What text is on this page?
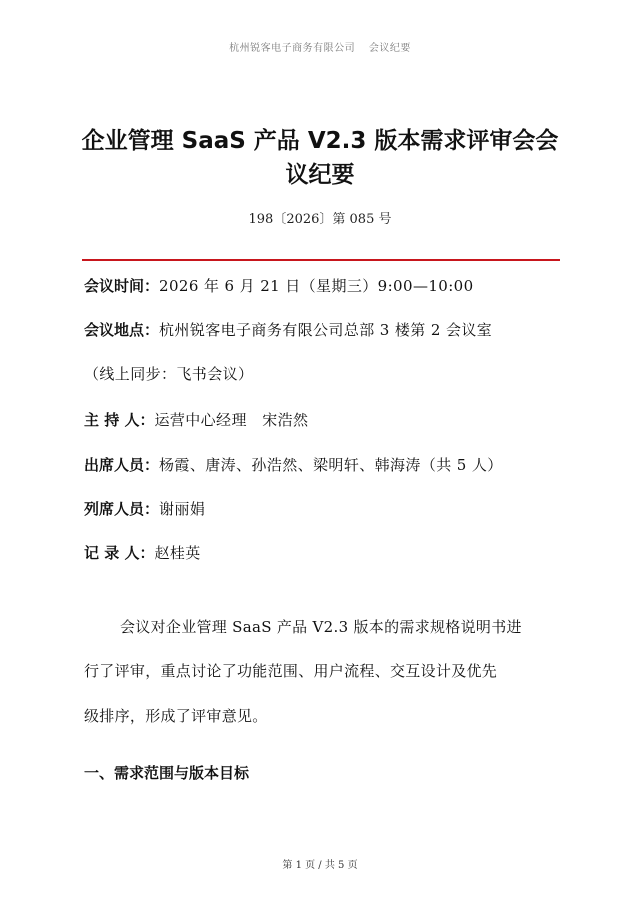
杭州锐客电子商务有限公司 会议纪要
企业管理 SaaS 产品 V2.3 版本需求评审会会
议纪要
198〔2026〕第 085 号
会议时间：2026 年 6 月 21 日（星期三）9:00—10:00
会议地点：杭州锐客电子商务有限公司总部 3 楼第 2 会议室
（线上同步：飞书会议）
主 持 人：运营中心经理　宋浩然
出席人员：杨霞、唐涛、孙浩然、梁明轩、韩海涛（共 5 人）
列席人员：谢丽娟
记 录 人：赵桂英
会议对企业管理 SaaS 产品 V2.3 版本的需求规格说明书进
行了评审，重点讨论了功能范围、用户流程、交互设计及优先
级排序，形成了评审意见。
一、需求范围与版本目标
第 1 页 / 共 5 页
